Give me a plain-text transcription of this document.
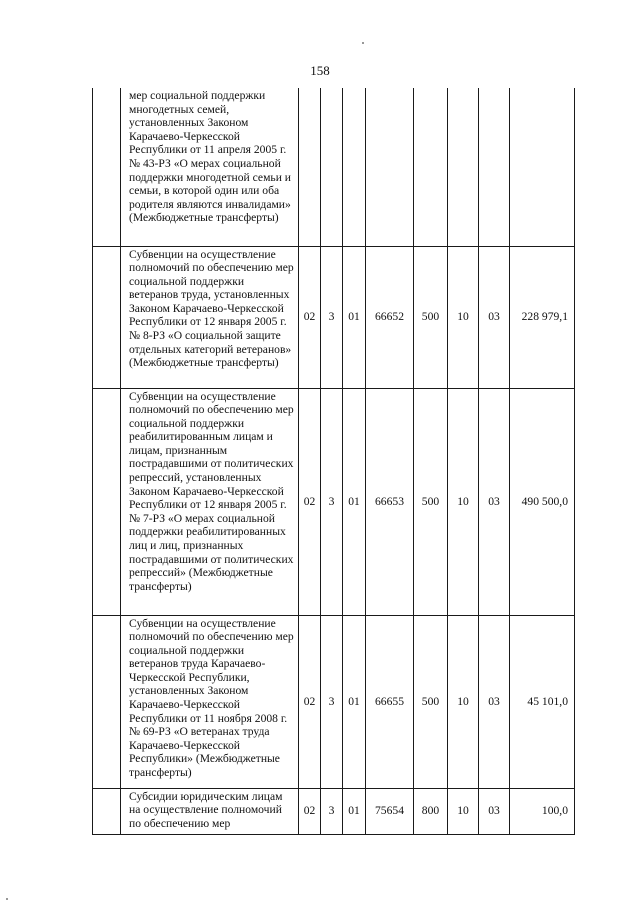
158
	мер социальной поддержки многодетных семей, установленных Законом Карачаево-Черкесской Республики от 11 апреля 2005 г. № 43-РЗ «О мерах социальной поддержки многодетной семьи и семьи, в которой один или оба родителя являются инвалидами» (Межбюджетные трансферты)								
	Субвенции на осуществление полномочий по обеспечению мер социальной поддержки ветеранов труда, установленных Законом Карачаево-Черкесской Республики от 12 января 2005 г. № 8-РЗ «О социальной защите отдельных категорий ветеранов» (Межбюджетные трансферты)	02	3	01	66652	500	10	03	228 979,1
	Субвенции на осуществление полномочий по обеспечению мер социальной поддержки реабилитированным лицам и лицам, признанным пострадавшими от политических репрессий, установленных Законом Карачаево-Черкесской Республики от 12 января 2005 г. № 7-РЗ «О мерах социальной поддержки реабилитированных лиц и лиц, признанных пострадавшими от политических репрессий» (Межбюджетные трансферты)	02	3	01	66653	500	10	03	490 500,0
	Субвенции на осуществление полномочий по обеспечению мер социальной поддержки ветеранов труда Карачаево-Черкесской Республики, установленных Законом Карачаево-Черкесской Республики от 11 ноября 2008 г. № 69-РЗ «О ветеранах труда Карачаево-Черкесской Республики» (Межбюджетные трансферты)	02	3	01	66655	500	10	03	45 101,0
	Субсидии юридическим лицам на осуществление полномочий по обеспечению мер	02	3	01	75654	800	10	03	100,0
